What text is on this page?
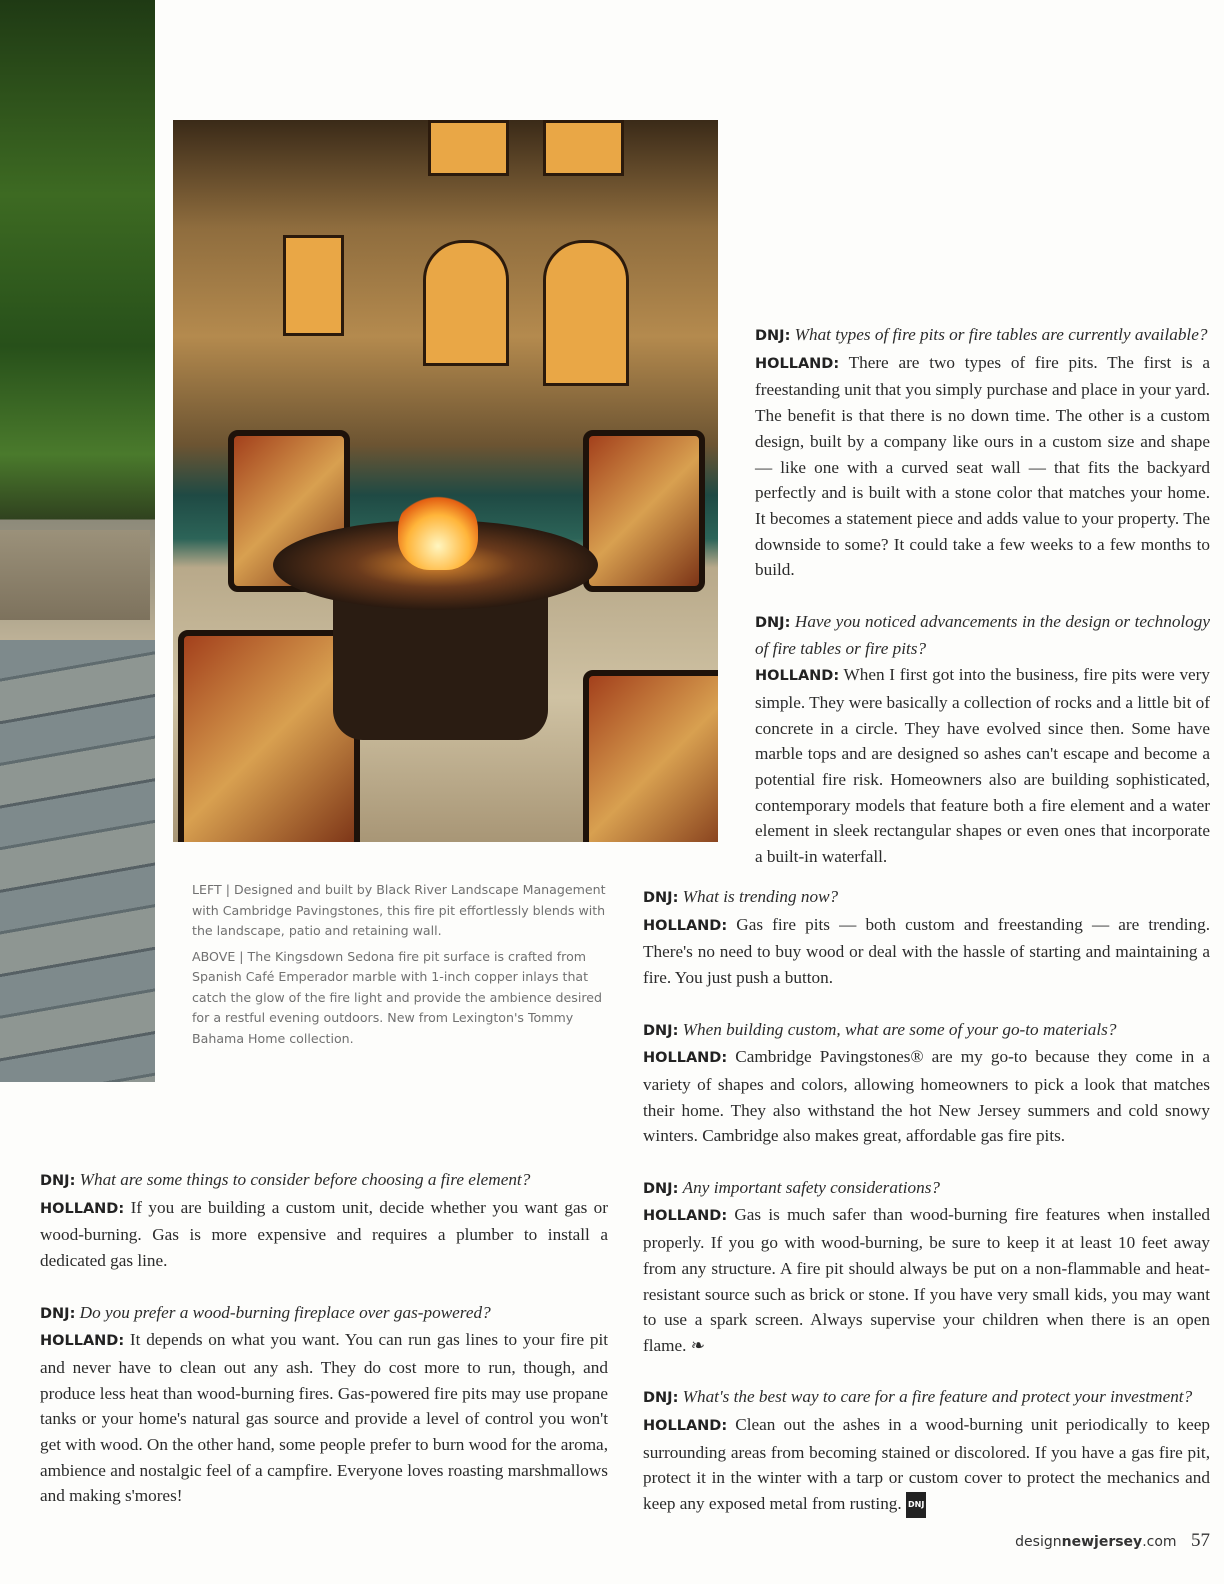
LEFT | Designed and built by Black River Landscape Management with Cambridge Pavingstones, this fire pit effortlessly blends with the landscape, patio and retaining wall.

ABOVE | The Kingsdown Sedona fire pit surface is crafted from Spanish Café Emperador marble with 1-inch copper inlays that catch the glow of the fire light and provide the ambience desired for a restful evening outdoors. New from Lexington's Tommy Bahama Home collection.

DNJ: What types of fire pits or fire tables are currently available?

HOLLAND: There are two types of fire pits. The first is a freestanding unit that you simply purchase and place in your yard. The benefit is that there is no down time. The other is a custom design, built by a company like ours in a custom size and shape — like one with a curved seat wall — that fits the backyard perfectly and is built with a stone color that matches your home. It becomes a statement piece and adds value to your property. The downside to some? It could take a few weeks to a few months to build.

DNJ: Have you noticed advancements in the design or technology of fire tables or fire pits?

HOLLAND: When I first got into the business, fire pits were very simple. They were basically a collection of rocks and a little bit of concrete in a circle. They have evolved since then. Some have marble tops and are designed so ashes can't escape and become a potential fire risk. Homeowners also are building sophisticated, contemporary models that feature both a fire element and a water element in sleek rectangular shapes or even ones that incorporate a built-in waterfall.

DNJ: What is trending now?

HOLLAND: Gas fire pits — both custom and freestanding — are trending. There's no need to buy wood or deal with the hassle of starting and maintaining a fire. You just push a button.

DNJ: When building custom, what are some of your go-to materials?

HOLLAND: Cambridge Pavingstones® are my go-to because they come in a variety of shapes and colors, allowing homeowners to pick a look that matches their home. They also withstand the hot New Jersey summers and cold snowy winters. Cambridge also makes great, affordable gas fire pits.

DNJ: Any important safety considerations?

HOLLAND: Gas is much safer than wood-burning fire features when installed properly. If you go with wood-burning, be sure to keep it at least 10 feet away from any structure. A fire pit should always be put on a non-flammable and heat-resistant source such as brick or stone. If you have very small kids, you may want to use a spark screen. Always supervise your children when there is an open flame. ❧

DNJ: What's the best way to care for a fire feature and protect your investment?

HOLLAND: Clean out the ashes in a wood-burning unit periodically to keep surrounding areas from becoming stained or discolored. If you have a gas fire pit, protect it in the winter with a tarp or custom cover to protect the mechanics and keep any exposed metal from rusting. DNJ

DNJ: What are some things to consider before choosing a fire element?

HOLLAND: If you are building a custom unit, decide whether you want gas or wood-burning. Gas is more expensive and requires a plumber to install a dedicated gas line.

DNJ: Do you prefer a wood-burning fireplace over gas-powered?

HOLLAND: It depends on what you want. You can run gas lines to your fire pit and never have to clean out any ash. They do cost more to run, though, and produce less heat than wood-burning fires. Gas-powered fire pits may use propane tanks or your home's natural gas source and provide a level of control you won't get with wood. On the other hand, some people prefer to burn wood for the aroma, ambience and nostalgic feel of a campfire. Everyone loves roasting marshmallows and making s'mores!

designnewjersey.com 57
